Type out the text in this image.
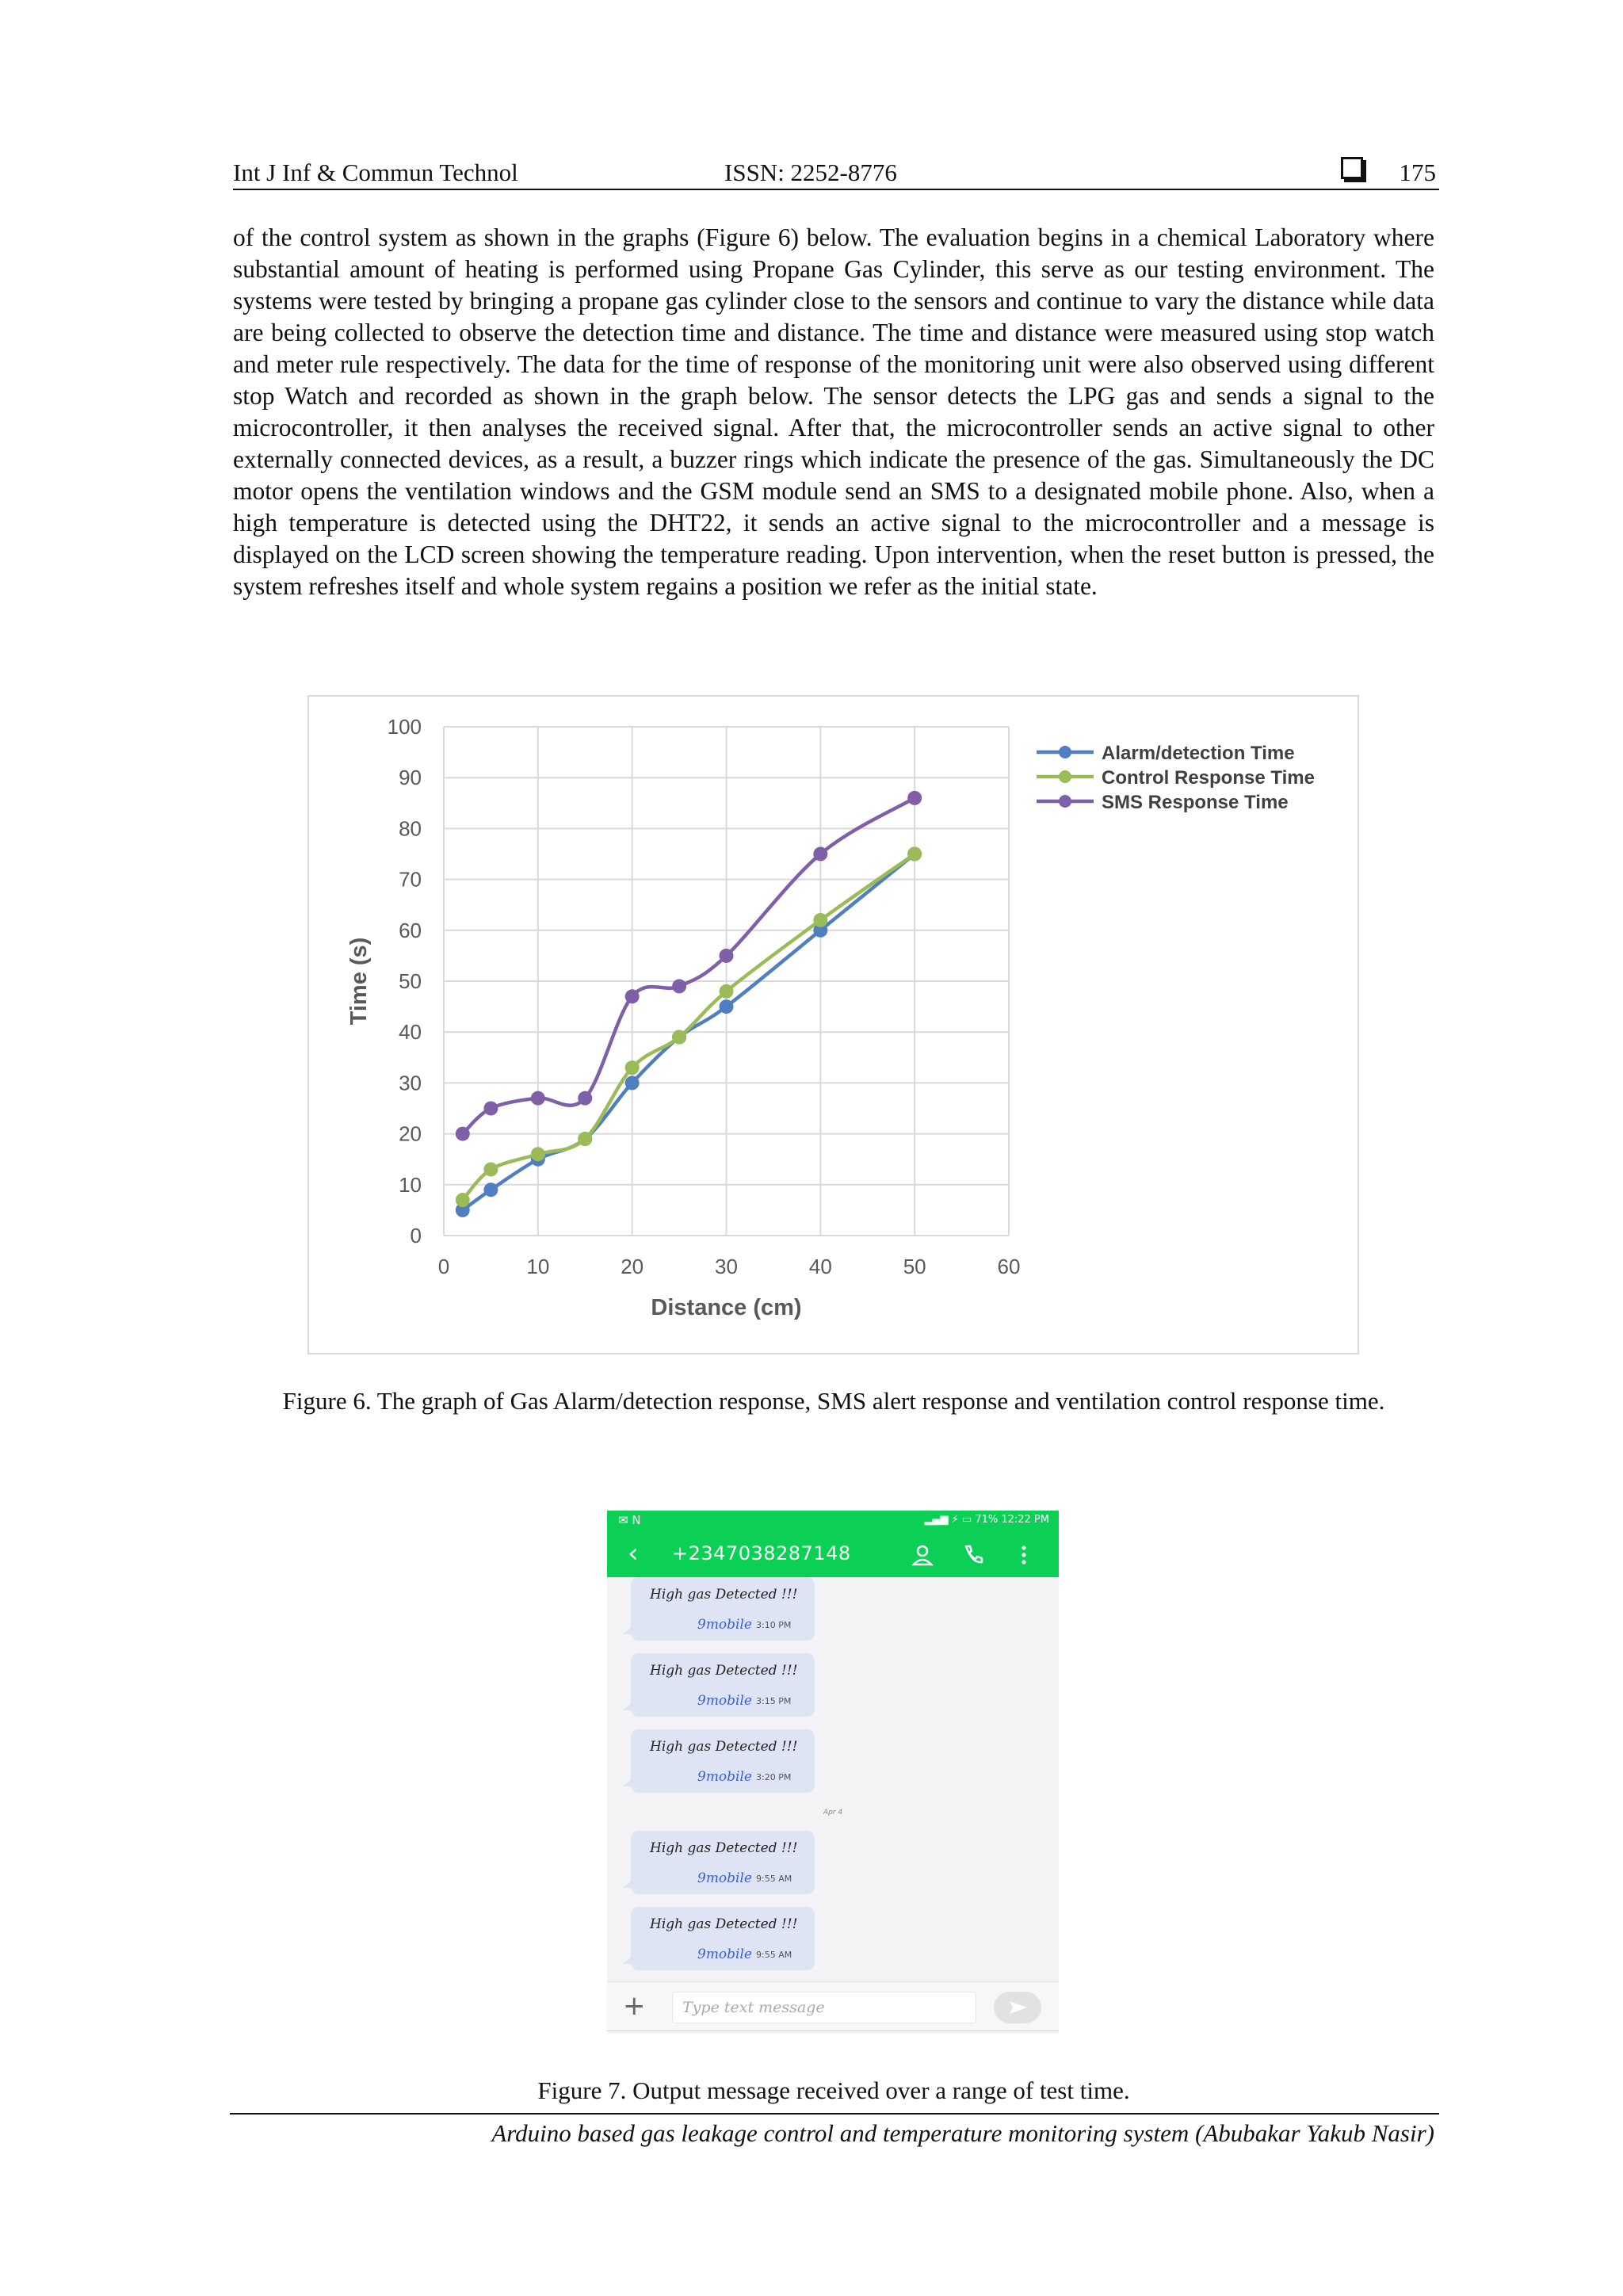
Int J Inf & Commun Technol	ISSN: 2252-8776	175

of the control system as shown in the graphs (Figure 6) below. The evaluation begins in a chemical Laboratory where substantial amount of heating is performed using Propane Gas Cylinder, this serve as our testing environment. The systems were tested by bringing a propane gas cylinder close to the sensors and continue to vary the distance while data are being collected to observe the detection time and distance. The time and distance were measured using stop watch and meter rule respectively. The data for the time of response of the monitoring unit were also observed using different stop Watch and recorded as shown in the graph below. The sensor detects the LPG gas and sends a signal to the microcontroller, it then analyses the received signal. After that, the microcontroller sends an active signal to other externally connected devices, as a result, a buzzer rings which indicate the presence of the gas. Simultaneously the DC motor opens the ventilation windows and the GSM module send an SMS to a designated mobile phone. Also, when a high temperature is detected using the DHT22, it sends an active signal to the microcontroller and a message is displayed on the LCD screen showing the temperature reading. Upon intervention, when the reset button is pressed, the system refreshes itself and whole system regains a position we refer as the initial state.

0
10
20
30
40
50
60
70
80
90
100
0	10	20	30	40	50	60
Distance (cm)
Time (s)
Alarm/detection Time
Control Response Time
SMS Response Time
Figure 6. The graph of Gas Alarm/detection response, SMS alert response and ventilation control response time.
✉ N	▂▄▆ ⚡ ▭ 71% 12:22 PM
‹ +2347038287148
High gas Detected !!!
9mobile 3:10 PM
High gas Detected !!!
9mobile 3:15 PM
High gas Detected !!!
9mobile 3:20 PM
Apr 4
High gas Detected !!!
9mobile 9:55 AM
High gas Detected !!!
9mobile 9:55 AM
+	Type text message
Figure 7. Output message received over a range of test time.
Arduino based gas leakage control and temperature monitoring system (Abubakar Yakub Nasir)
